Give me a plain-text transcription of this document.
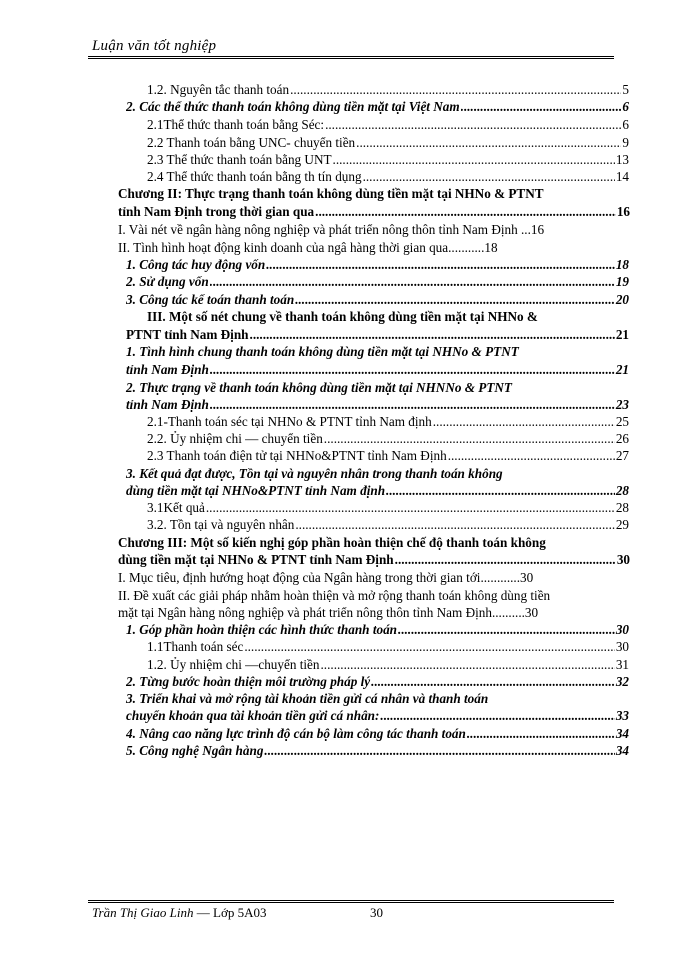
Luận văn tốt nghiệp
1.2. Nguyên tắc thanh toán .....	5
2. Các thể thức thanh toán không dùng tiền mặt tại Việt Nam .....	6
2.1Thể thức thanh toán bằng Séc: .....	6
2.2 Thanh toán bằng UNC- chuyển tiền .....	9
2.3 Thể thức thanh toán bằng UNT .....	13
2.4 Thể thức thanh toán bằng th tín dụng .....	14
Chương II: Thực trạng thanh toán không dùng tiền mặt tại NHNo & PTNT
tỉnh Nam Định trong thời gian qua .....	16
I. Vài nét về ngân hàng nông nghiệp và phát triển nông thôn tỉnh Nam Định ...16
II. Tình hình hoạt động kinh doanh của ngâ hàng thời gian qua...........18
1. Công tác huy động vốn .....	18
2. Sử dụng vốn .....	19
3. Công tác kế toán thanh toán .....	20
III. Một số nét chung về thanh toán không dùng tiền mặt tại NHNo &
PTNT tỉnh Nam Định .....	21
1. Tình hình chung thanh toán không dùng tiền mặt tại NHNo & PTNT
tỉnh Nam Định .....	21
2. Thực trạng về thanh toán không dùng tiền mặt tại NHNNo & PTNT
tỉnh Nam Định .....	23
2.1-Thanh toán séc tại NHNo & PTNT tỉnh Nam định .....	25
2.2. Ủy nhiệm chi — chuyển tiền .....	26
2.3 Thanh toán điện tử tại NHNo&PTNT tỉnh Nam Định .....	27
3. Kết quả đạt được, Tồn tại và nguyên nhân trong thanh toán không
dùng tiền mặt tại NHNo&PTNT tỉnh Nam định .....	28
3.1Kết quả .....	28
3.2. Tồn tại và nguyên nhân .....	29
Chương III: Một số kiến nghị góp phần hoàn thiện chế độ thanh toán không
dùng tiền mặt tại NHNo & PTNT tỉnh Nam Định .....	30
I. Mục tiêu, định hướng hoạt động của Ngân hàng trong thời gian tới............30
II. Đề xuất các giải pháp nhằm hoàn thiện và mở rộng thanh toán không dùng tiền
mặt tại Ngân hàng nông nghiệp và phát triển nông thôn tỉnh Nam Định..........30
1. Góp phần hoàn thiện các hình thức thanh toán .....	30
1.1Thanh toán séc .....	30
1.2. Ủy nhiệm chi —chuyển tiền .....	31
2. Từng bước hoàn thiện môi trường pháp lý .....	32
3. Triển khai và mở rộng tài khoản tiền gửi cá nhân và thanh toán
chuyển khoản qua tài khoản tiền gửi cá nhân: .....	33
4. Nâng cao năng lực trình độ cán bộ làm công tác thanh toán .....	34
5. Công nghệ Ngân hàng .....	34
Trần Thị Giao Linh — Lớp 5A03	30
